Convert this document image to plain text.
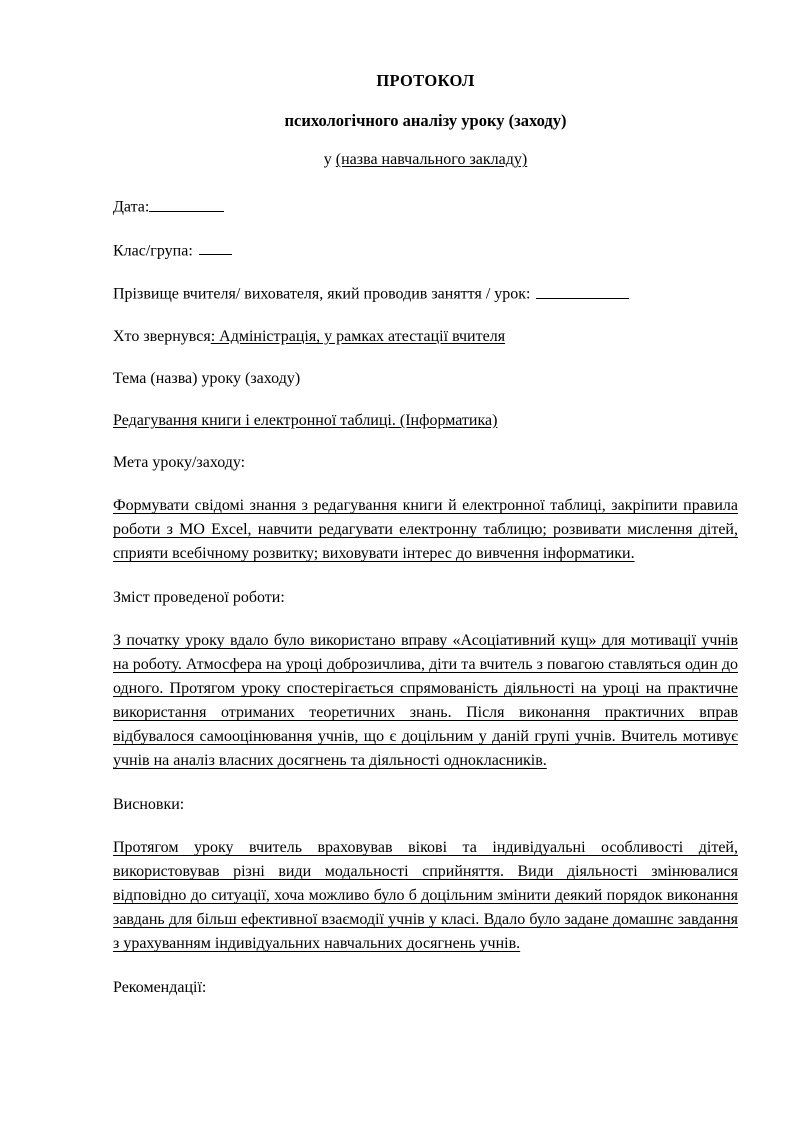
ПРОТОКОЛ
психологічного аналізу уроку (заходу)

у (назва навчального закладу)

Дата:

Клас/група:

Прізвище вчителя/ вихователя, який проводив заняття / урок:

Хто звернувся: Адміністрація, у рамках атестації вчителя

Тема (назва) уроку (заходу)

Редагування книги і електронної таблиці. (Інформатика)

Мета уроку/заходу:

Формувати свідомі знання з редагування книги й електронної таблиці, закріпити правила роботи з МО Excel, навчити редагувати електронну таблицю; розвивати мислення дітей, сприяти всебічному розвитку; виховувати інтерес до вивчення інформатики.

Зміст проведеної роботи:

З початку уроку вдало було використано вправу «Асоціативний кущ» для мотивації учнів на роботу. Атмосфера на уроці доброзичлива, діти та вчитель з повагою ставляться один до одного. Протягом уроку спостерігається спрямованість діяльності на уроці на практичне використання отриманих теоретичних знань. Після виконання практичних вправ відбувалося самооцінювання учнів, що є доцільним у даній групі учнів. Вчитель мотивує учнів на аналіз власних досягнень та діяльності однокласників.

Висновки:

Протягом уроку вчитель враховував вікові та індивідуальні особливості дітей, використовував різні види модальності сприйняття. Види діяльності змінювалися відповідно до ситуації, хоча можливо було б доцільним змінити деякий порядок виконання завдань для більш ефективної взаємодії учнів у класі. Вдало було задане домашнє завдання з урахуванням індивідуальних навчальних досягнень учнів.

Рекомендації:
